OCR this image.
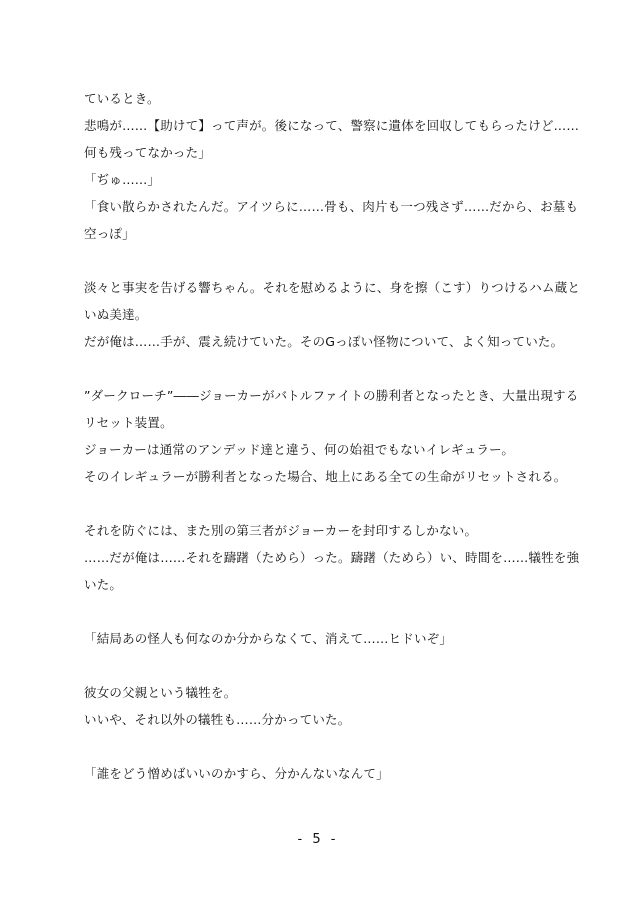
ているとき。
悲鳴が……【助けて】って声が。後になって、警察に遺体を回収してもらったけど……
何も残ってなかった」
「ぢゅ……」
「食い散らかされたんだ。アイツらに……骨も、肉片も一つ残さず……だから、お墓も
空っぽ」
淡々と事実を告げる響ちゃん。それを慰めるように、身を擦（こす）りつけるハム蔵と
いぬ美達。
だが俺は……手が、震え続けていた。そのGっぽい怪物について、よく知っていた。
”ダークローチ”――ジョーカーがバトルファイトの勝利者となったとき、大量出現する
リセット装置。
ジョーカーは通常のアンデッド達と違う、何の始祖でもないイレギュラー。
そのイレギュラーが勝利者となった場合、地上にある全ての生命がリセットされる。
それを防ぐには、また別の第三者がジョーカーを封印するしかない。
……だが俺は……それを躊躇（ためら）った。躊躇（ためら）い、時間を……犠牲を強
いた。
「結局あの怪人も何なのか分からなくて、消えて……ヒドいぞ」
彼女の父親という犠牲を。
いいや、それ以外の犠牲も……分かっていた。
「誰をどう憎めばいいのかすら、分かんないなんて」
- 5 -
